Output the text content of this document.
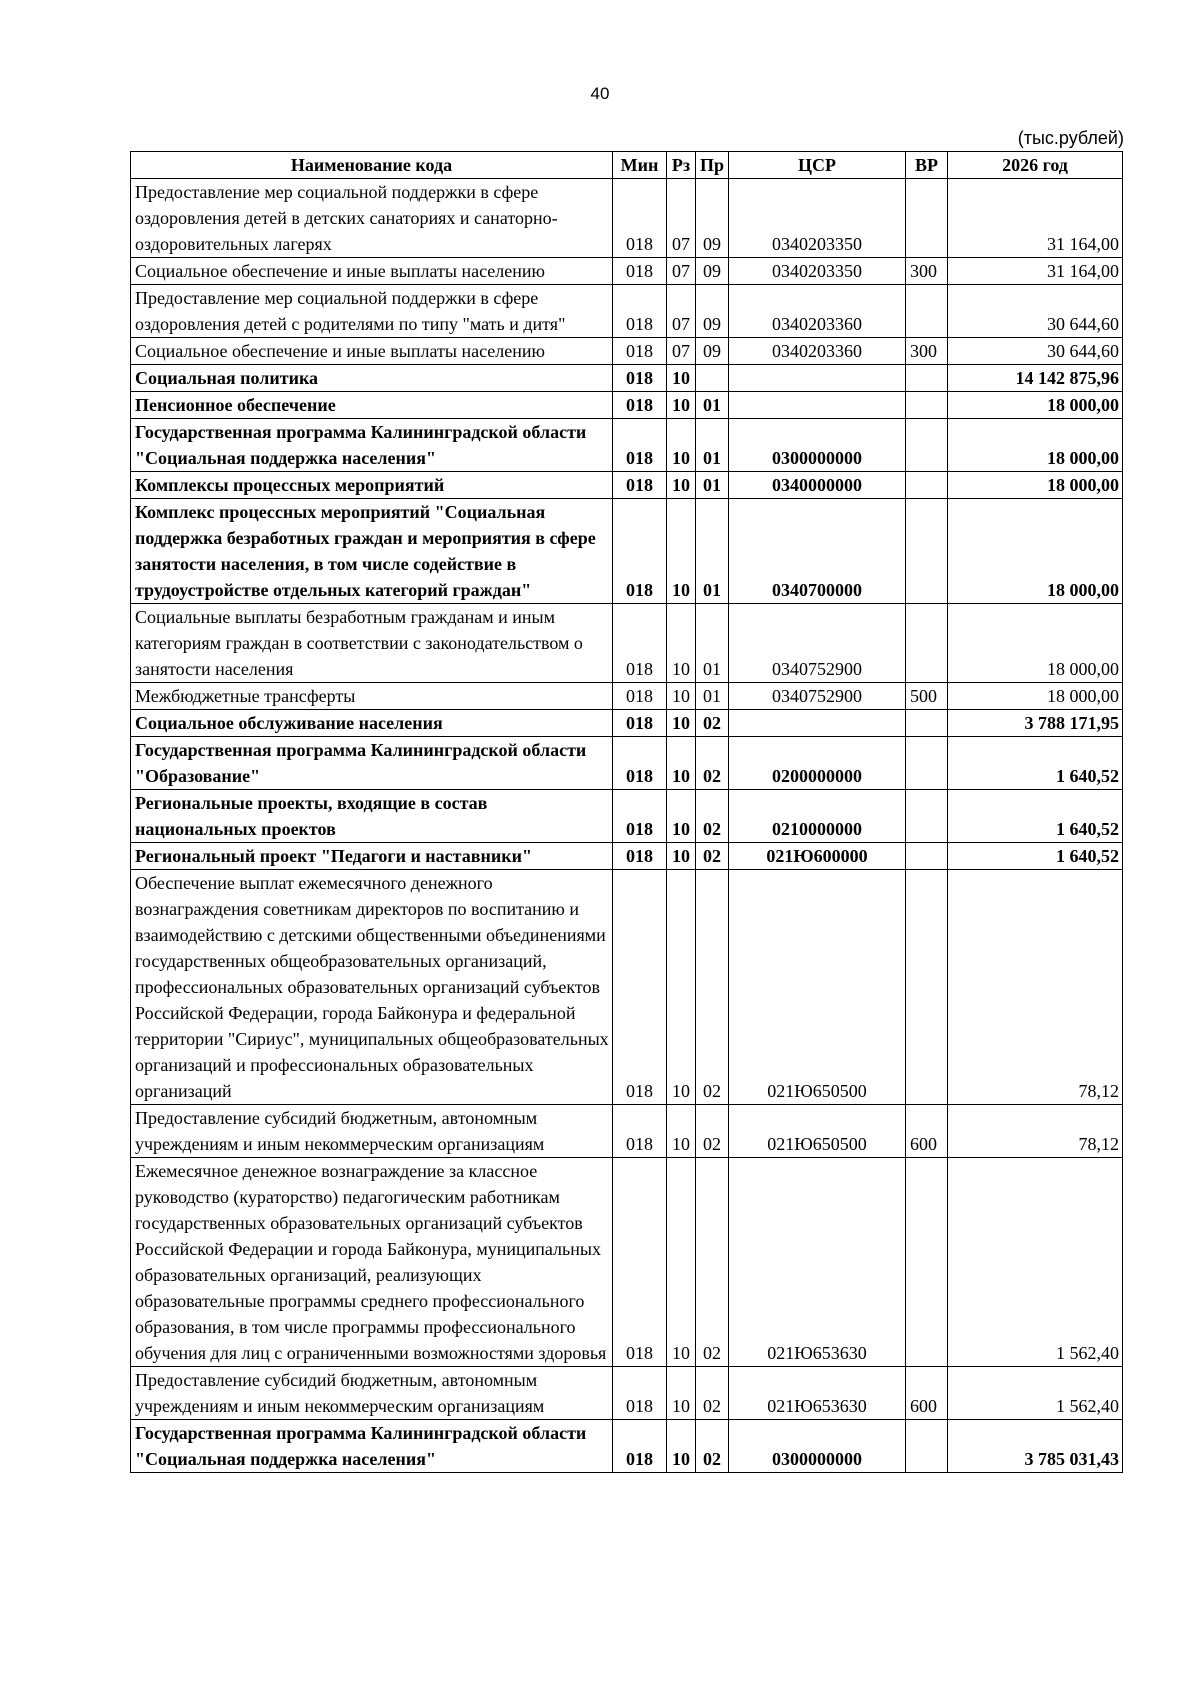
40
(тыс.рублей)
Наименование кода	Мин	Рз	Пр	ЦСР	ВР	2026 год
Предоставление мер социальной поддержки в сфере оздоровления детей в детских санаториях и санаторно-оздоровительных лагерях	018	07	09	0340203350		31 164,00
Социальное обеспечение и иные выплаты населению	018	07	09	0340203350	300	31 164,00
Предоставление мер социальной поддержки в сфере оздоровления детей с родителями по типу "мать и дитя"	018	07	09	0340203360		30 644,60
Социальное обеспечение и иные выплаты населению	018	07	09	0340203360	300	30 644,60
Социальная политика	018	10				14 142 875,96
Пенсионное обеспечение	018	10	01			18 000,00
Государственная программа Калининградской области "Социальная поддержка населения"	018	10	01	0300000000		18 000,00
Комплексы процессных мероприятий	018	10	01	0340000000		18 000,00
Комплекс процессных мероприятий "Социальная поддержка безработных граждан и мероприятия в сфере занятости населения, в том числе содействие в трудоустройстве отдельных категорий граждан"	018	10	01	0340700000		18 000,00
Социальные выплаты безработным гражданам и иным категориям граждан в соответствии с законодательством о занятости населения	018	10	01	0340752900		18 000,00
Межбюджетные трансферты	018	10	01	0340752900	500	18 000,00
Социальное обслуживание населения	018	10	02			3 788 171,95
Государственная программа Калининградской области "Образование"	018	10	02	0200000000		1 640,52
Региональные проекты, входящие в состав национальных проектов	018	10	02	0210000000		1 640,52
Региональный проект "Педагоги и наставники"	018	10	02	021Ю600000		1 640,52
Обеспечение выплат ежемесячного денежного вознаграждения советникам директоров по воспитанию и взаимодействию с детскими общественными объединениями государственных общеобразовательных организаций, профессиональных образовательных организаций субъектов Российской Федерации, города Байконура и федеральной территории "Сириус", муниципальных общеобразовательных организаций и профессиональных образовательных организаций	018	10	02	021Ю650500		78,12
Предоставление субсидий бюджетным, автономным учреждениям и иным некоммерческим организациям	018	10	02	021Ю650500	600	78,12
Ежемесячное денежное вознаграждение за классное руководство (кураторство) педагогическим работникам государственных образовательных организаций субъектов Российской Федерации и города Байконура, муниципальных образовательных организаций, реализующих образовательные программы среднего профессионального образования, в том числе программы профессионального обучения для лиц с ограниченными возможностями здоровья	018	10	02	021Ю653630		1 562,40
Предоставление субсидий бюджетным, автономным учреждениям и иным некоммерческим организациям	018	10	02	021Ю653630	600	1 562,40
Государственная программа Калининградской области "Социальная поддержка населения"	018	10	02	0300000000		3 785 031,43
